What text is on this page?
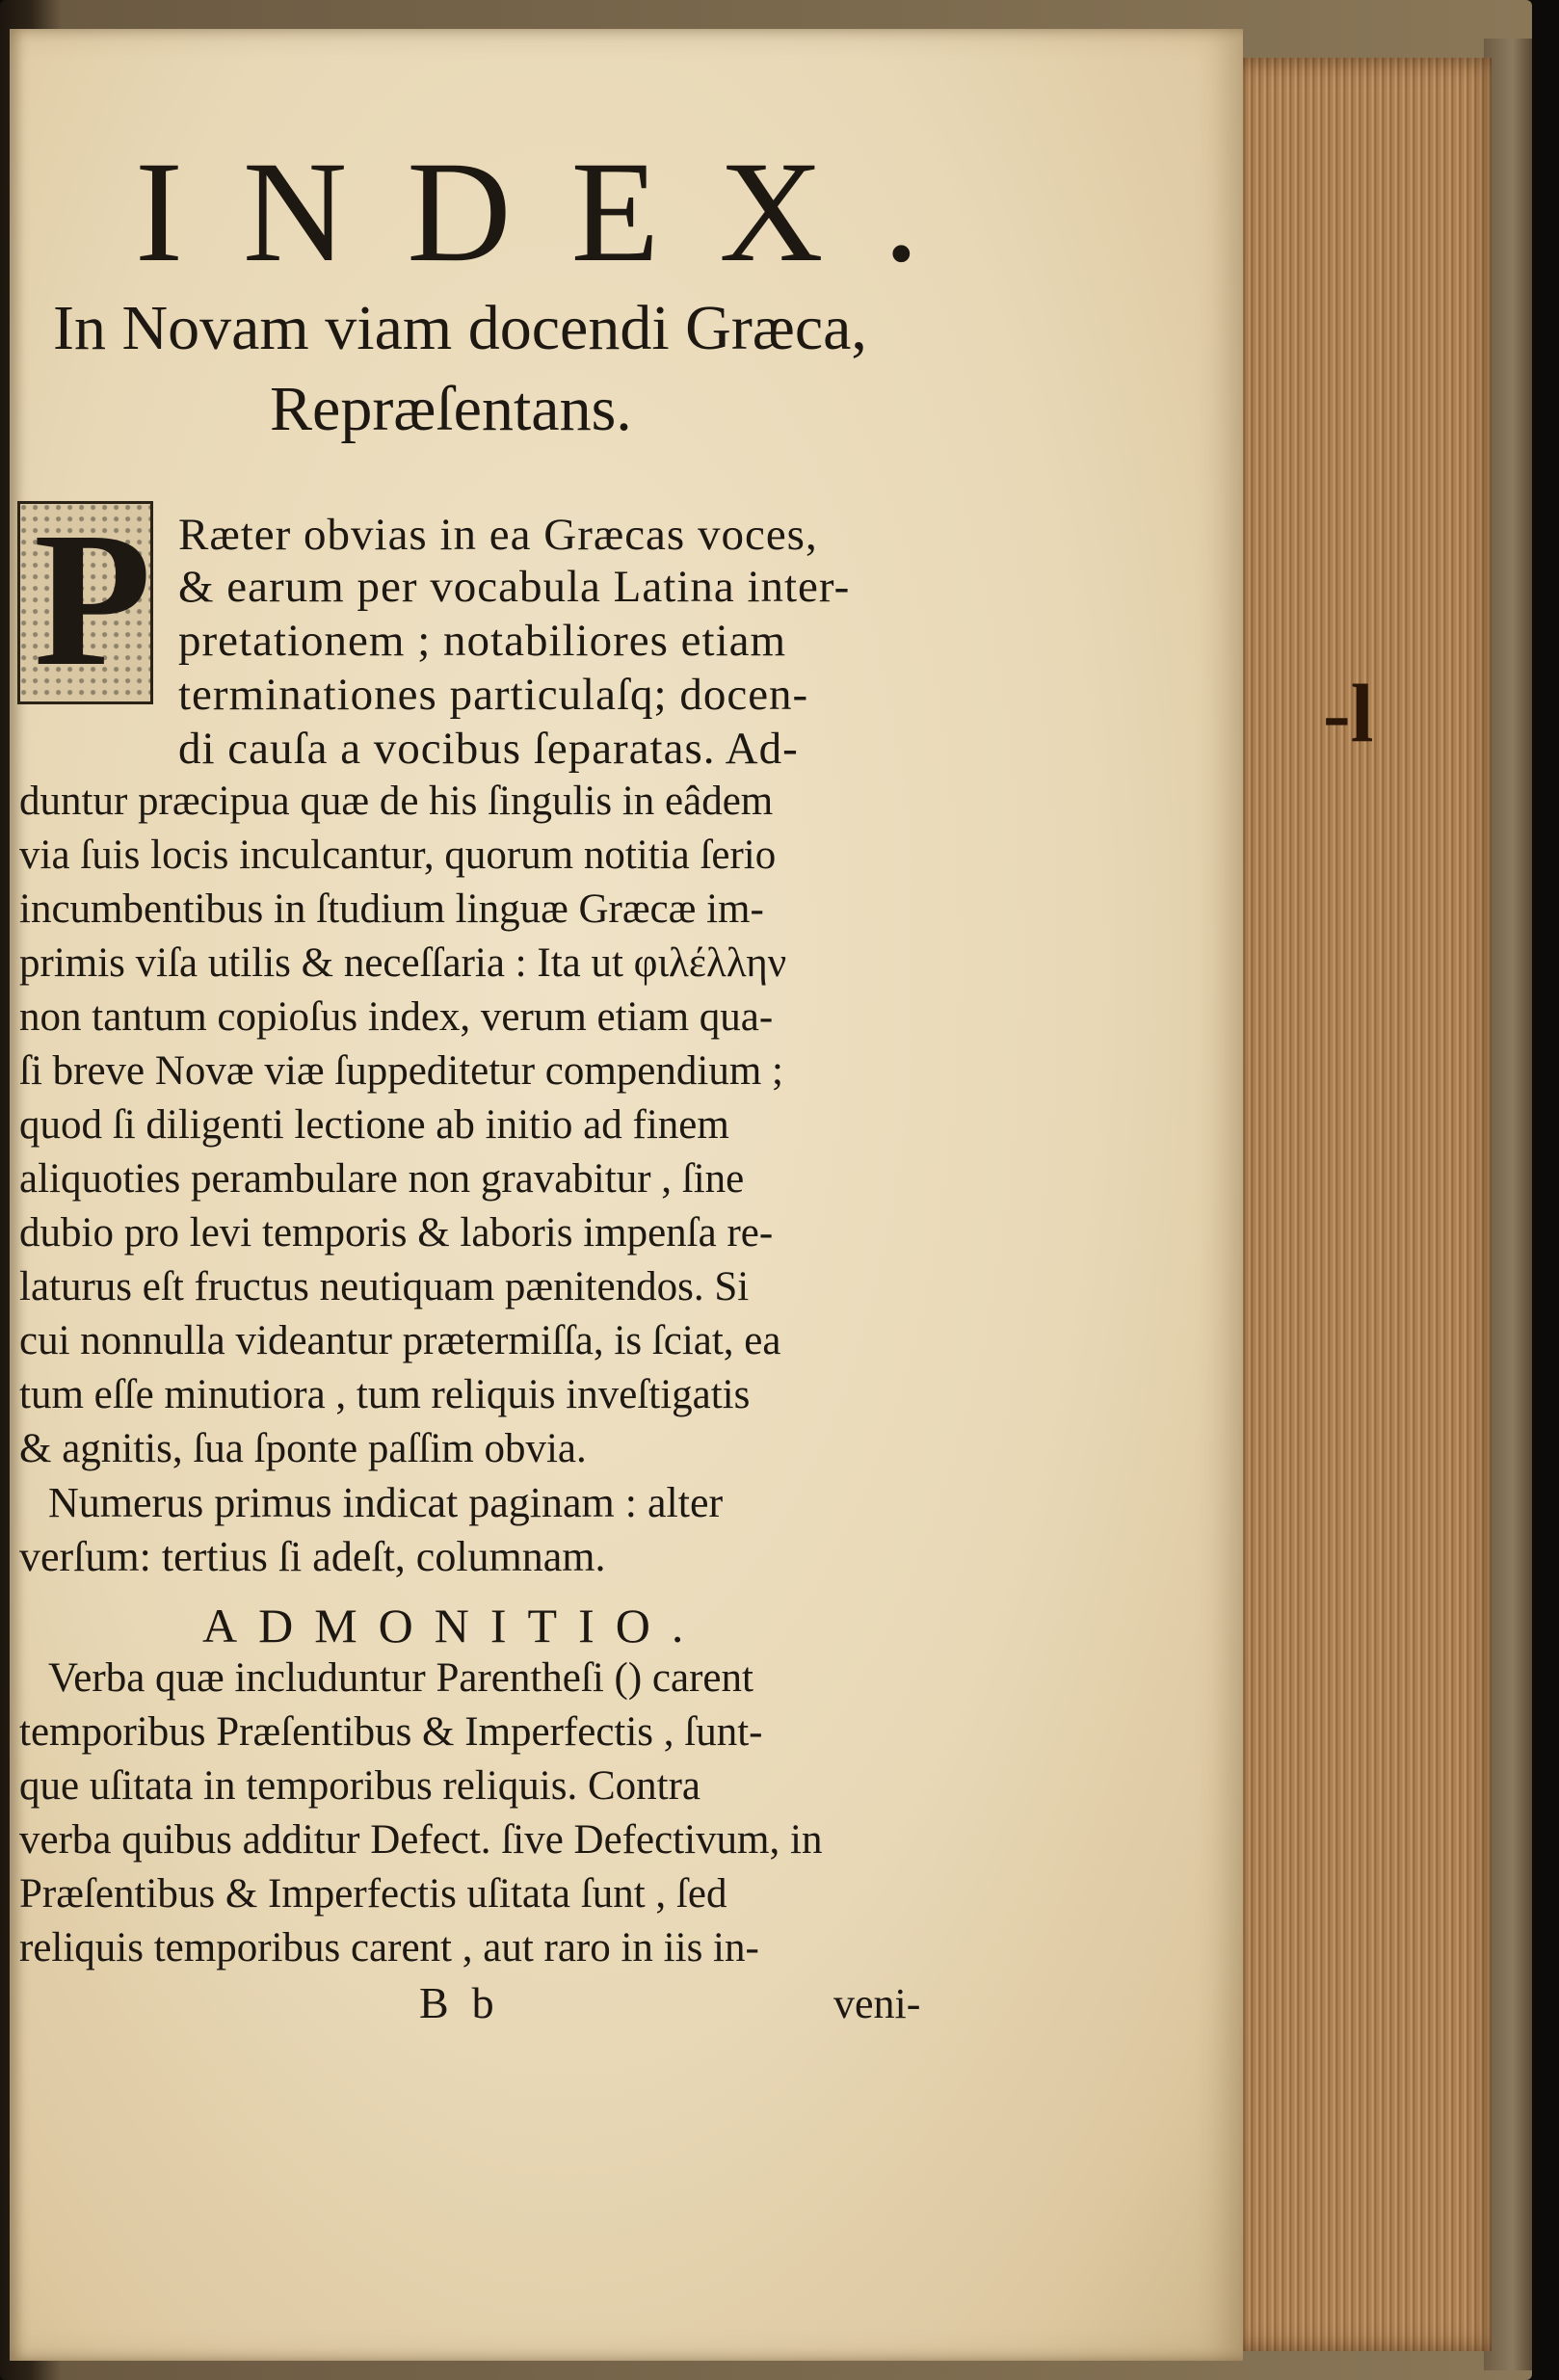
-l
INDEX.

In Novam viam docendi Græca,

Repræſentans.

P Ræter obvias in ea Græcas voces,

& earum per vocabula Latina inter-

pretationem ; notabiliores etiam

terminationes particulaſq; docen-

di cauſa a vocibus ſeparatas. Ad-

duntur præcipua quæ de his ſingulis in eâdem

via ſuis locis inculcantur, quorum notitia ſerio

incumbentibus in ſtudium linguæ Græcæ im-

primis viſa utilis & neceſſaria : Ita ut φιλέλλην

non tantum copioſus index, verum etiam qua-

ſi breve Novæ viæ ſuppeditetur compendium ;

quod ſi diligenti lectione ab initio ad finem

aliquoties perambulare non gravabitur , ſine

dubio pro levi temporis & laboris impenſa re-

laturus eſt fructus neutiquam pænitendos. Si

cui nonnulla videantur prætermiſſa, is ſciat, ea

tum eſſe minutiora , tum reliquis inveſtigatis

& agnitis, ſua ſponte paſſim obvia.

Numerus primus indicat paginam : alter

verſum: tertius ſi adeſt, columnam.

ADMONITIO.

Verba quæ includuntur Parentheſi () carent

temporibus Præſentibus & Imperfectis , ſunt-

que uſitata in temporibus reliquis. Contra

verba quibus additur Defect. ſive Defectivum, in

Præſentibus & Imperfectis uſitata ſunt , ſed

reliquis temporibus carent , aut raro in iis in-

Bb	veni-
